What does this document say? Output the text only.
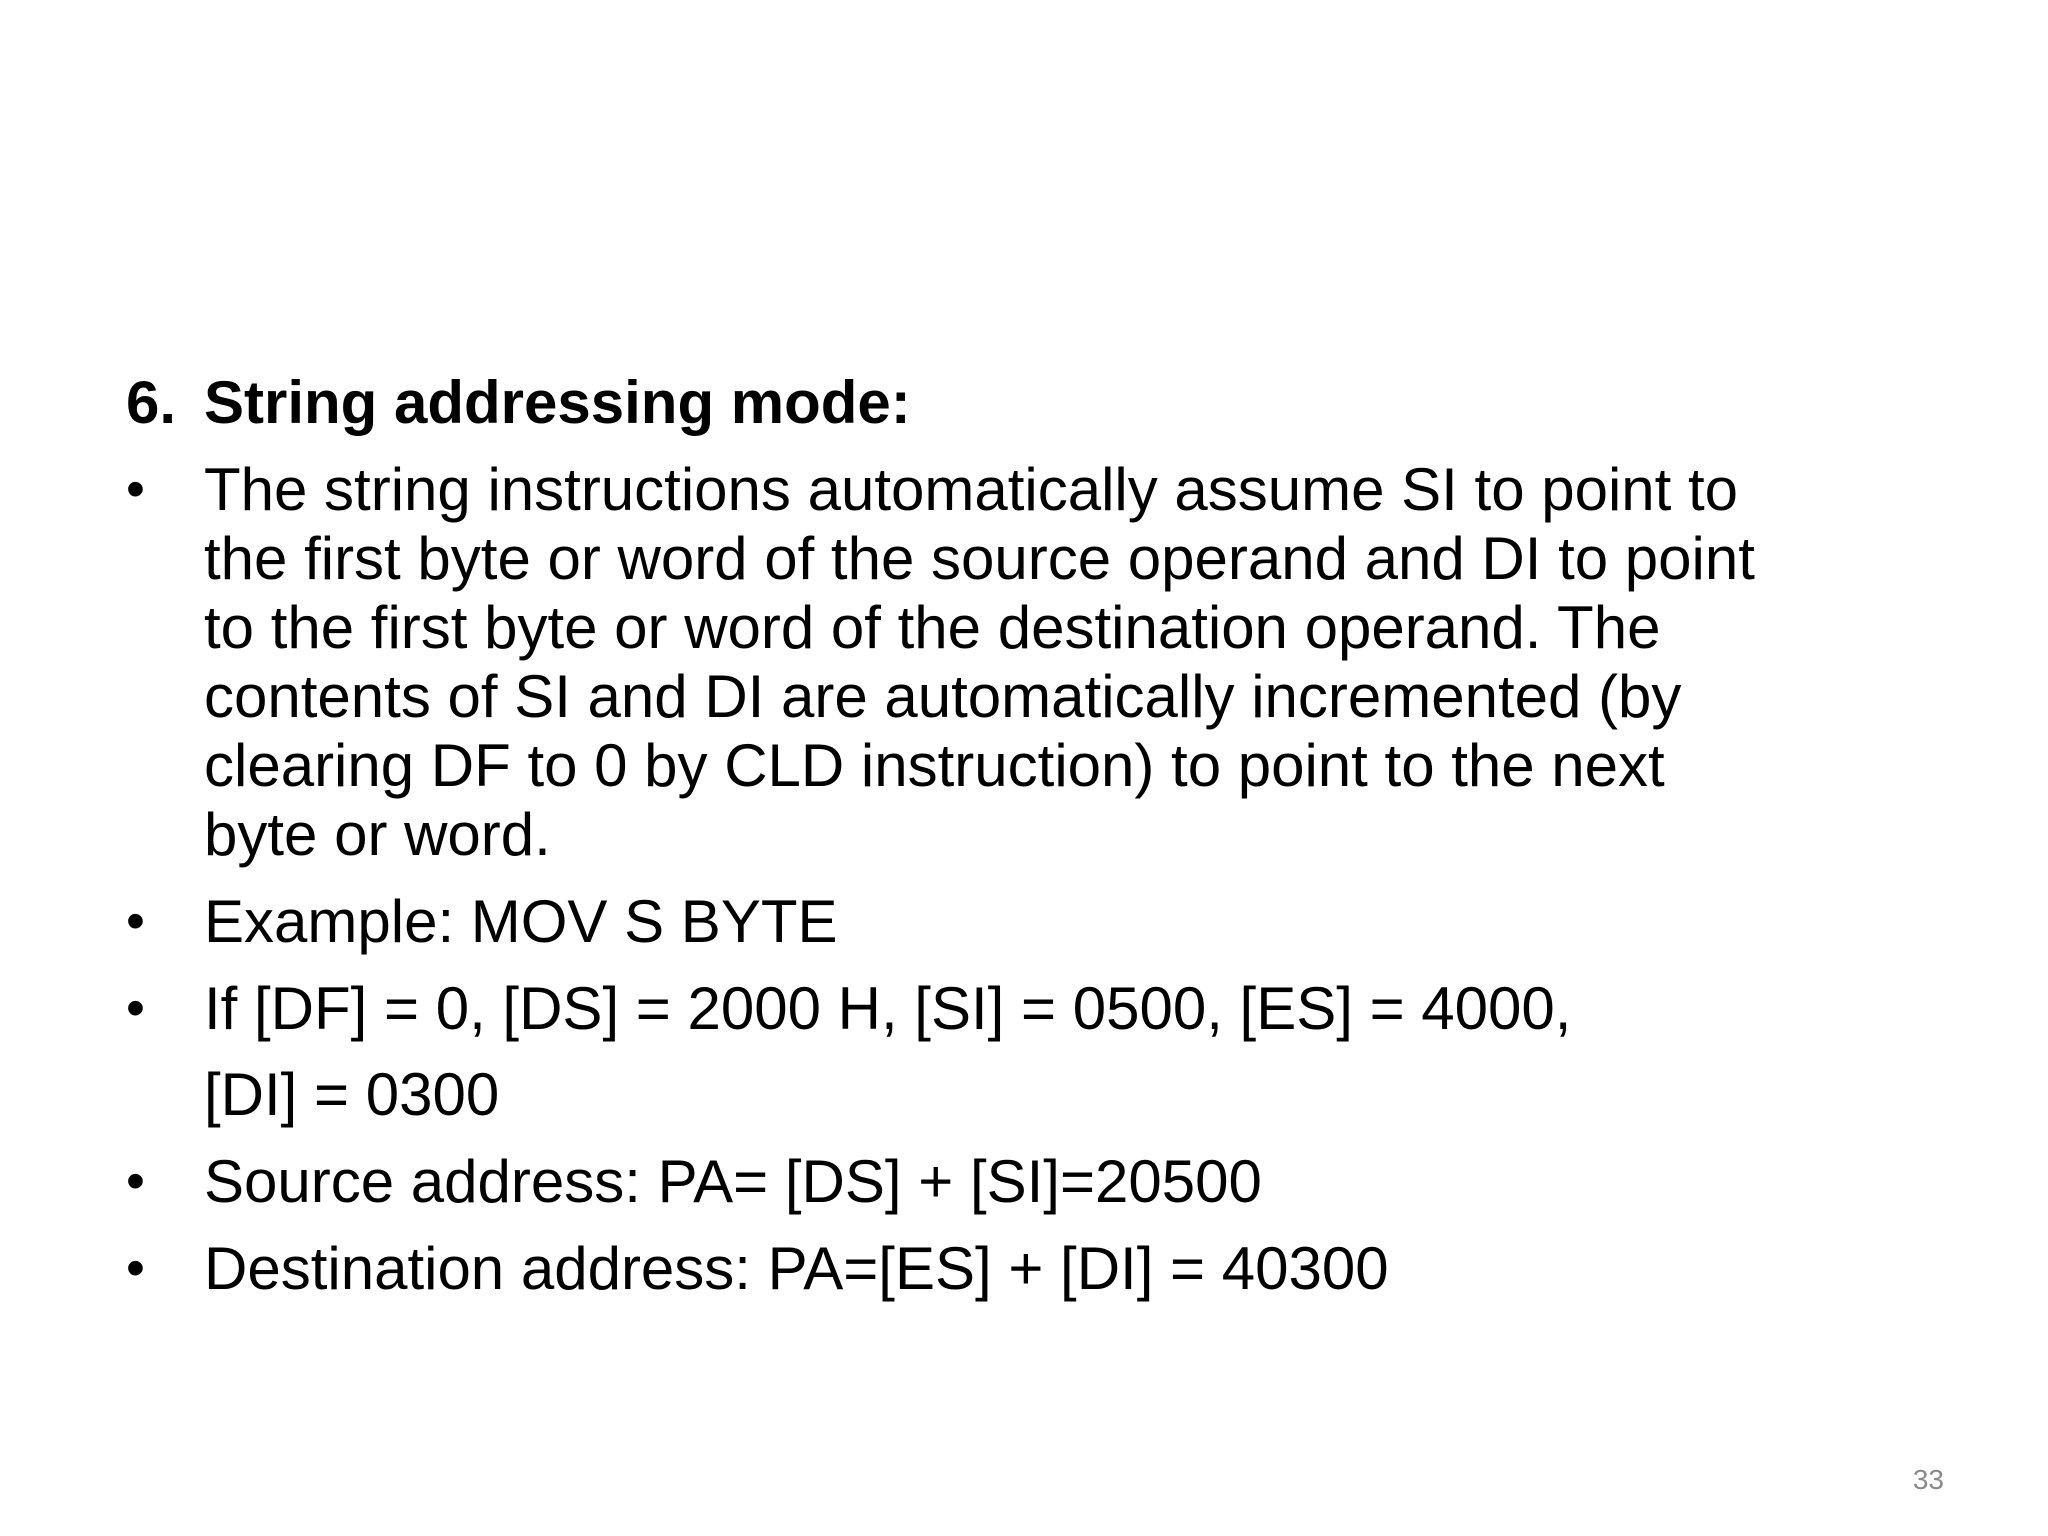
6. String addressing mode:
• The string instructions automatically assume SI to point to
the first byte or word of the source operand and DI to point
to the first byte or word of the destination operand. The
contents of SI and DI are automatically incremented (by
clearing DF to 0 by CLD instruction) to point to the next
byte or word.
• Example: MOV S BYTE
• If [DF] = 0, [DS] = 2000 H, [SI] = 0500, [ES] = 4000,
[DI] = 0300
• Source address: PA= [DS] + [SI]=20500
• Destination address: PA=[ES] + [DI] = 40300
33
